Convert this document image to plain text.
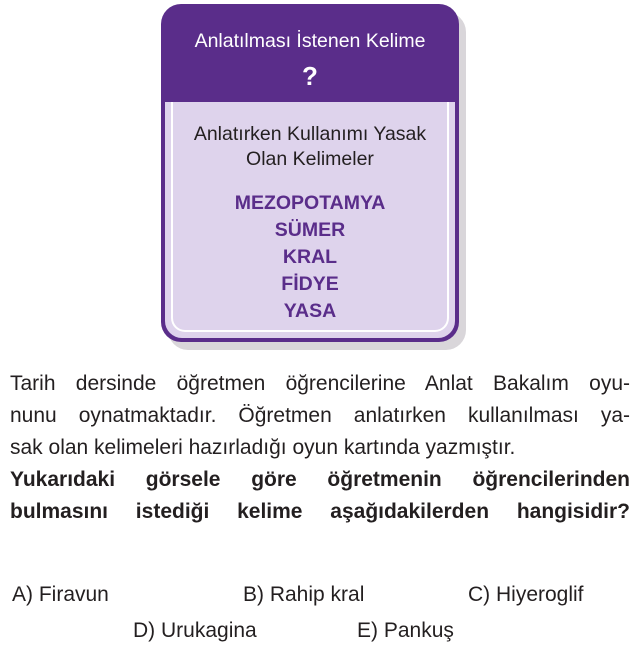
Anlatılması İstenen Kelime
?
Anlatırken Kullanımı Yasak
Olan Kelimeler
MEZOPOTAMYA
SÜMER
KRAL
FİDYE
YASA
Tarih dersinde öğretmen öğrencilerine Anlat Bakalım oyu-
nunu oynatmaktadır. Öğretmen anlatırken kullanılması ya-
sak olan kelimeleri hazırladığı oyun kartında yazmıştır.
Yukarıdaki görsele göre öğretmenin öğrencilerinden
bulmasını istediği kelime aşağıdakilerden hangisidir?
A) Firavun	B) Rahip kral	C) Hiyeroglif
D) Urukagina	E) Pankuş
